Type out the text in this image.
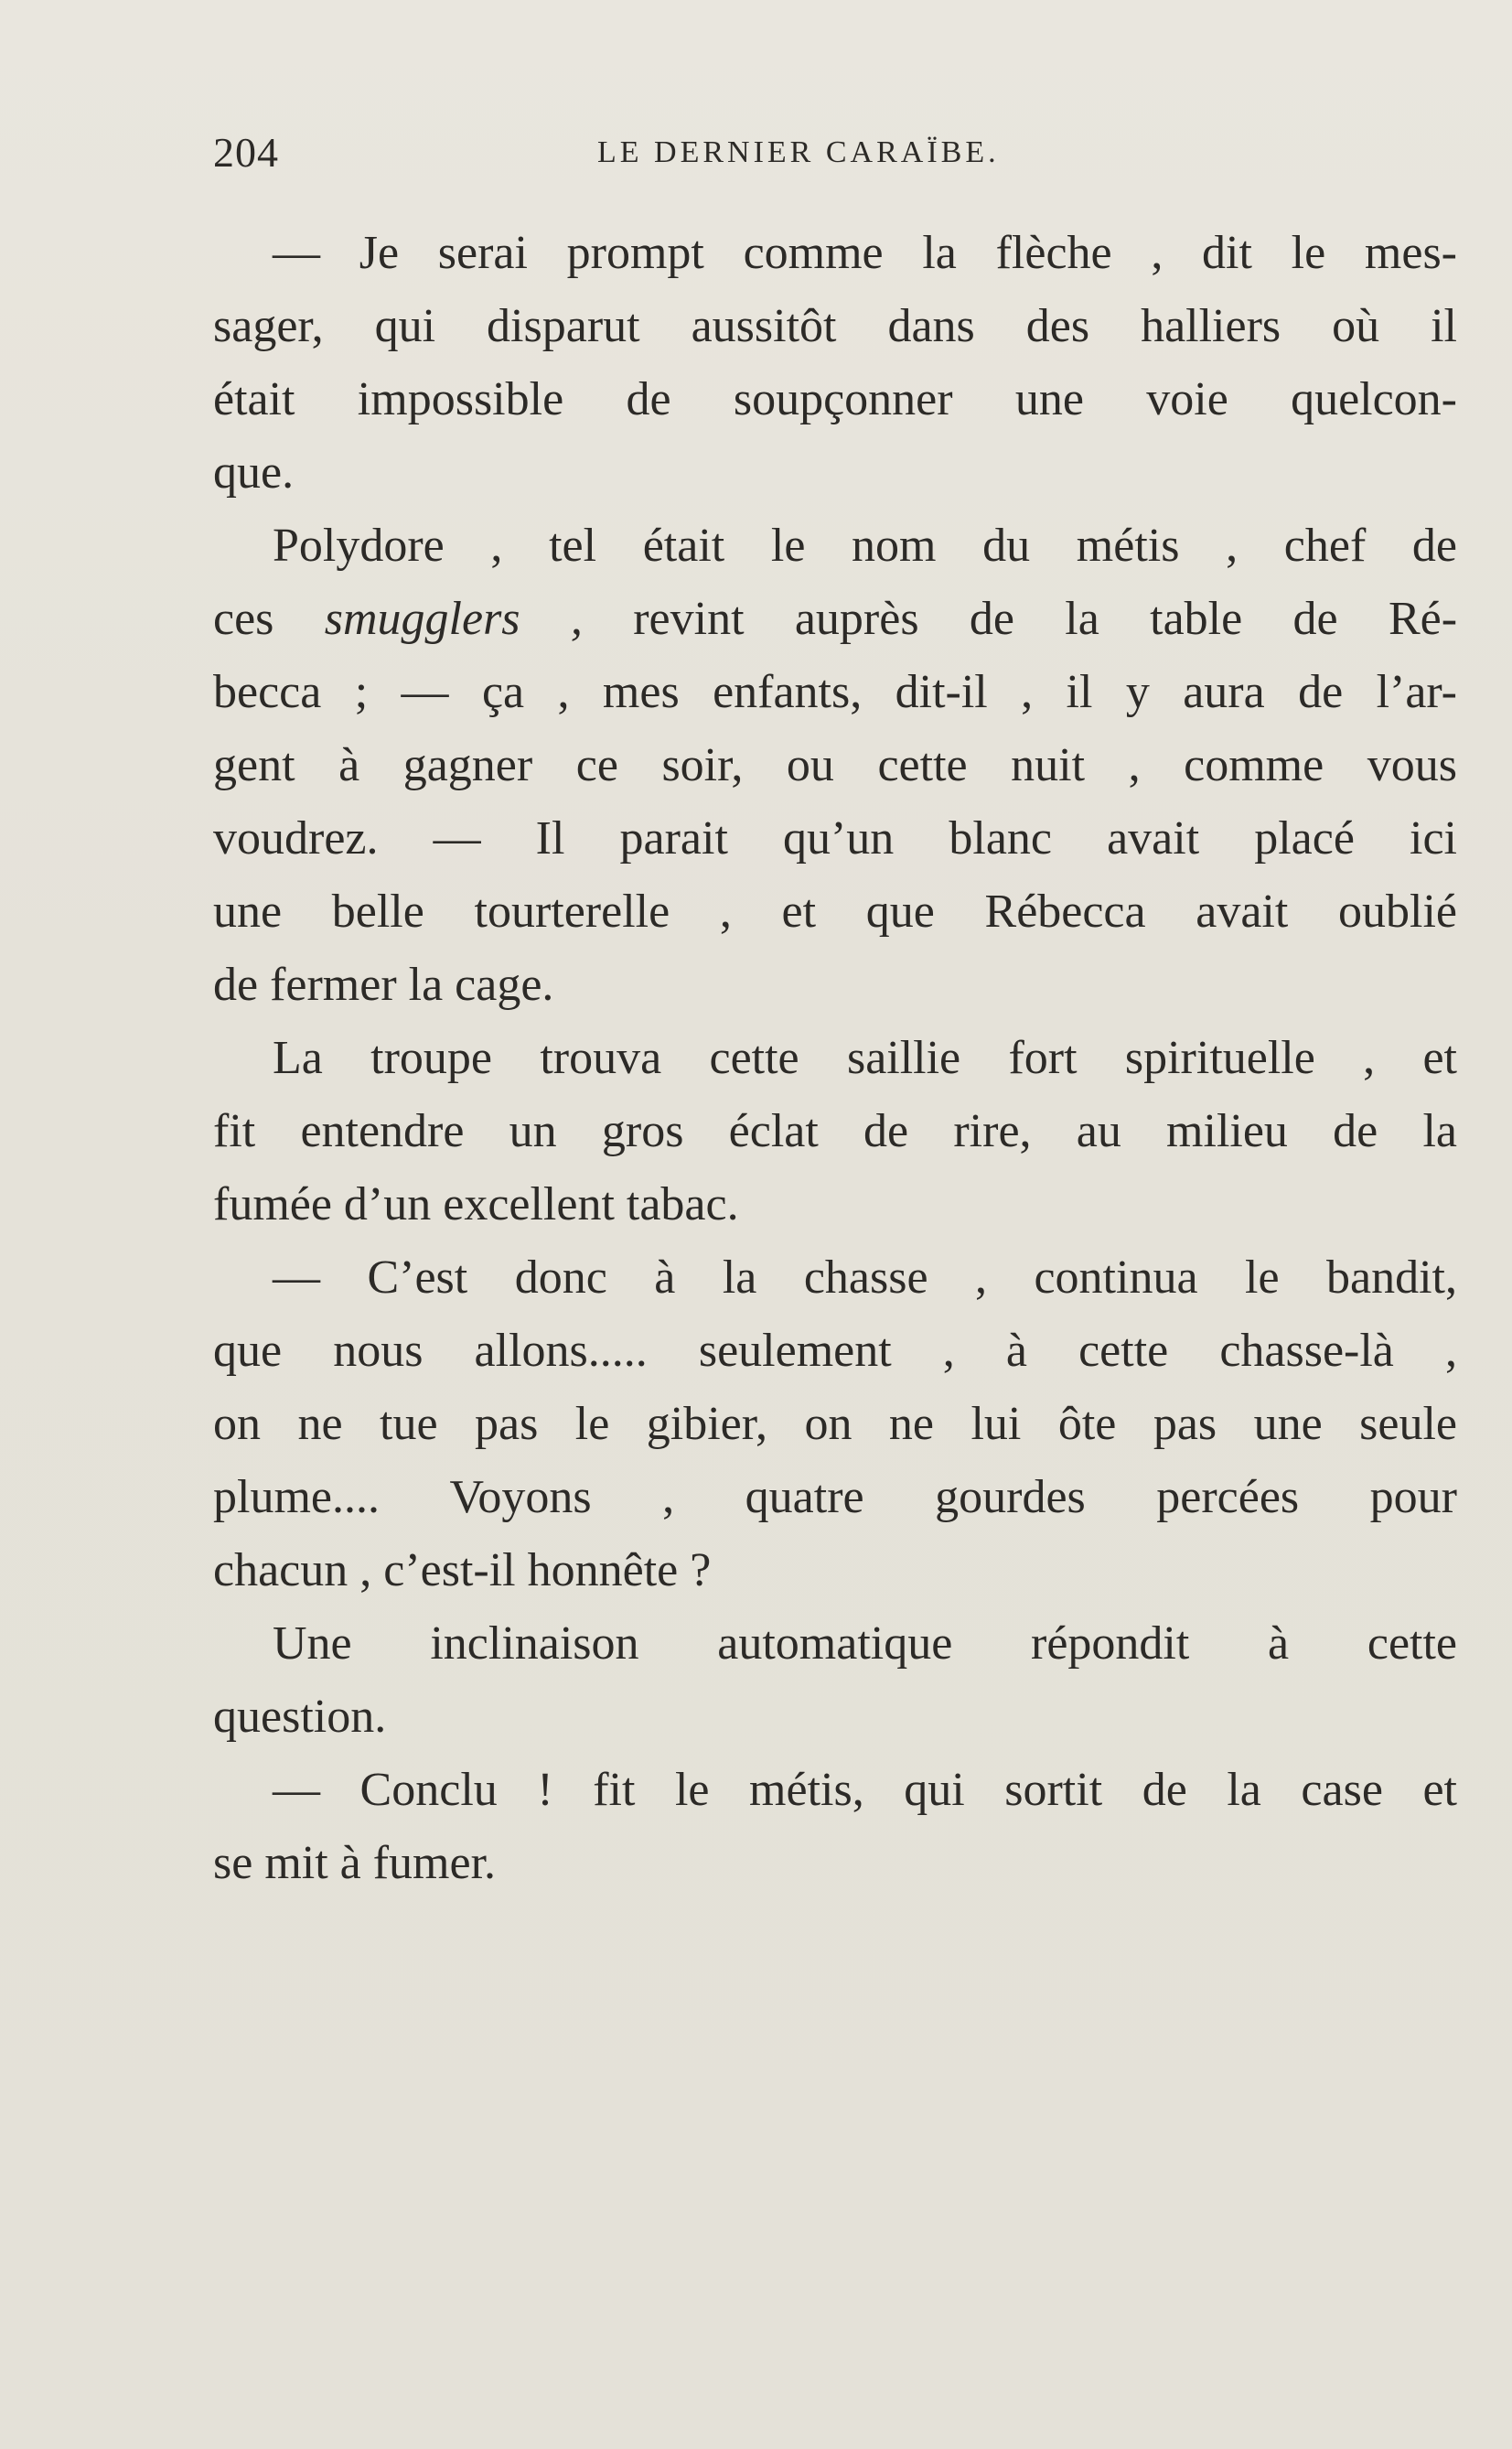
204	LE DERNIER CARAÏBE.
— Je serai prompt comme la flèche , dit le mes-
sager, qui disparut aussitôt dans des halliers où il
était impossible de soupçonner une voie quelcon-
que.
Polydore , tel était le nom du métis , chef de
ces smugglers , revint auprès de la table de Ré-
becca ; — ça , mes enfants, dit-il , il y aura de l’ar-
gent à gagner ce soir, ou cette nuit , comme vous
voudrez. — Il parait qu’un blanc avait placé ici
une belle tourterelle , et que Rébecca avait oublié
de fermer la cage.
La troupe trouva cette saillie fort spirituelle , et
fit entendre un gros éclat de rire, au milieu de la
fumée d’un excellent tabac.
— C’est donc à la chasse , continua le bandit,
que nous allons..... seulement , à cette chasse-là ,
on ne tue pas le gibier, on ne lui ôte pas une seule
plume.... Voyons , quatre gourdes percées pour
chacun , c’est-il honnête ?
Une inclinaison automatique répondit à cette
question.
— Conclu ! fit le métis, qui sortit de la case et
se mit à fumer.
